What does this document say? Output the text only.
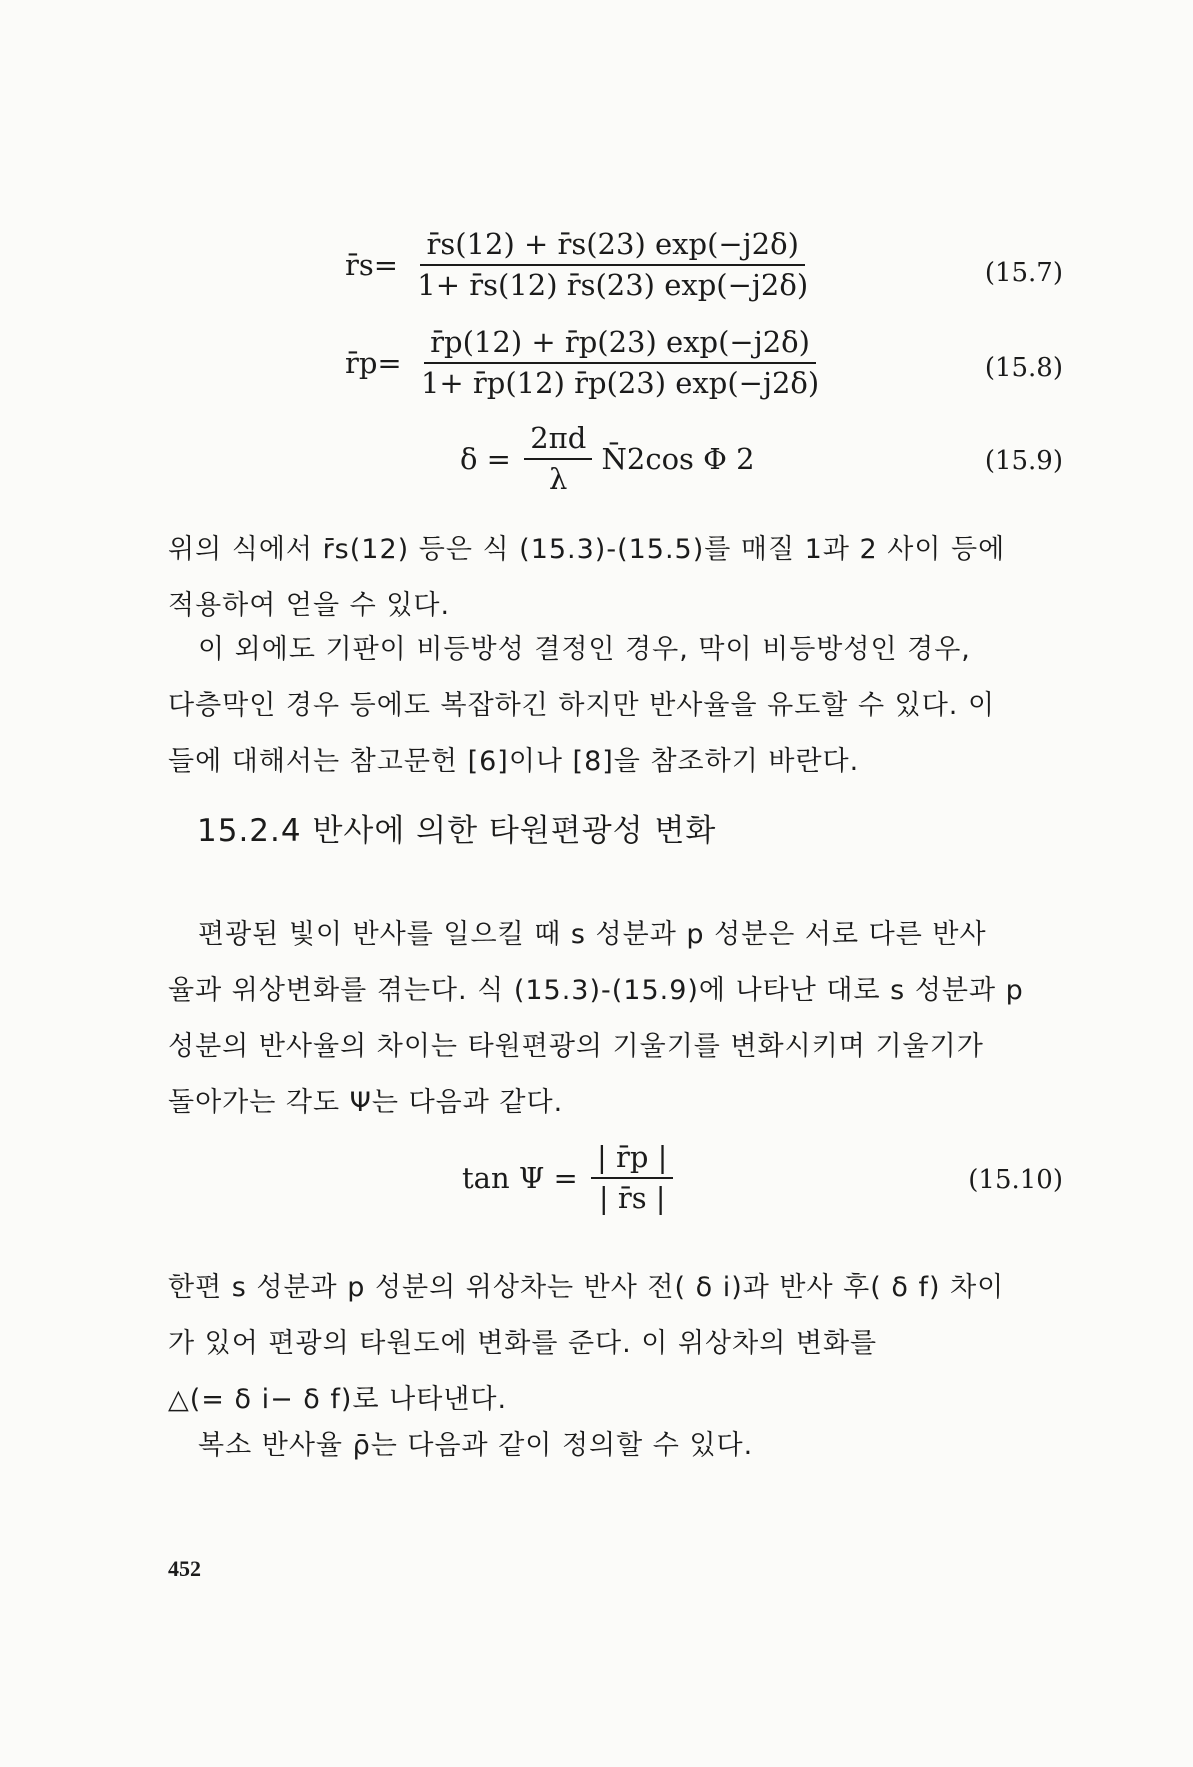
r̄s= $\frac{r̄s(12) + r̄s(23) \exp(-j2\delta)}{1+ r̄s(12) r̄s(23) \exp(-j2\delta)}$	(15.7)
r̄p= $\frac{r̄p(12) + r̄p(23) \exp(-j2\delta)}{1+ r̄p(12) r̄p(23) \exp(-j2\delta)}$	(15.8)
$\delta = \frac{2\pi d}{\lambda}$ N̄2cos Φ 2	(15.9)

위의 식에서 r̄s(12) 등은 식 (15.3)-(15.5)를 매질 1과 2 사이 등에
적용하여 얻을 수 있다.

이 외에도 기판이 비등방성 결정인 경우, 막이 비등방성인 경우,
다층막인 경우 등에도 복잡하긴 하지만 반사율을 유도할 수 있다. 이
들에 대해서는 참고문헌 [6]이나 [8]을 참조하기 바란다.

15.2.4 반사에 의한 타원편광성 변화

편광된 빛이 반사를 일으킬 때 s 성분과 p 성분은 서로 다른 반사
율과 위상변화를 겪는다. 식 (15.3)-(15.9)에 나타난 대로 s 성분과 p
성분의 반사율의 차이는 타원편광의 기울기를 변화시키며 기울기가
돌아가는 각도 Ψ는 다음과 같다.

$\tan \Psi = \frac{| r̄p |}{| r̄s |}$	(15.10)

한편 s 성분과 p 성분의 위상차는 반사 전( δ i)과 반사 후( δ f) 차이
가 있어 편광의 타원도에 변화를 준다. 이 위상차의 변화를
△(= δ i− δ f)로 나타낸다.

복소 반사율 ρ̄는 다음과 같이 정의할 수 있다.

452
